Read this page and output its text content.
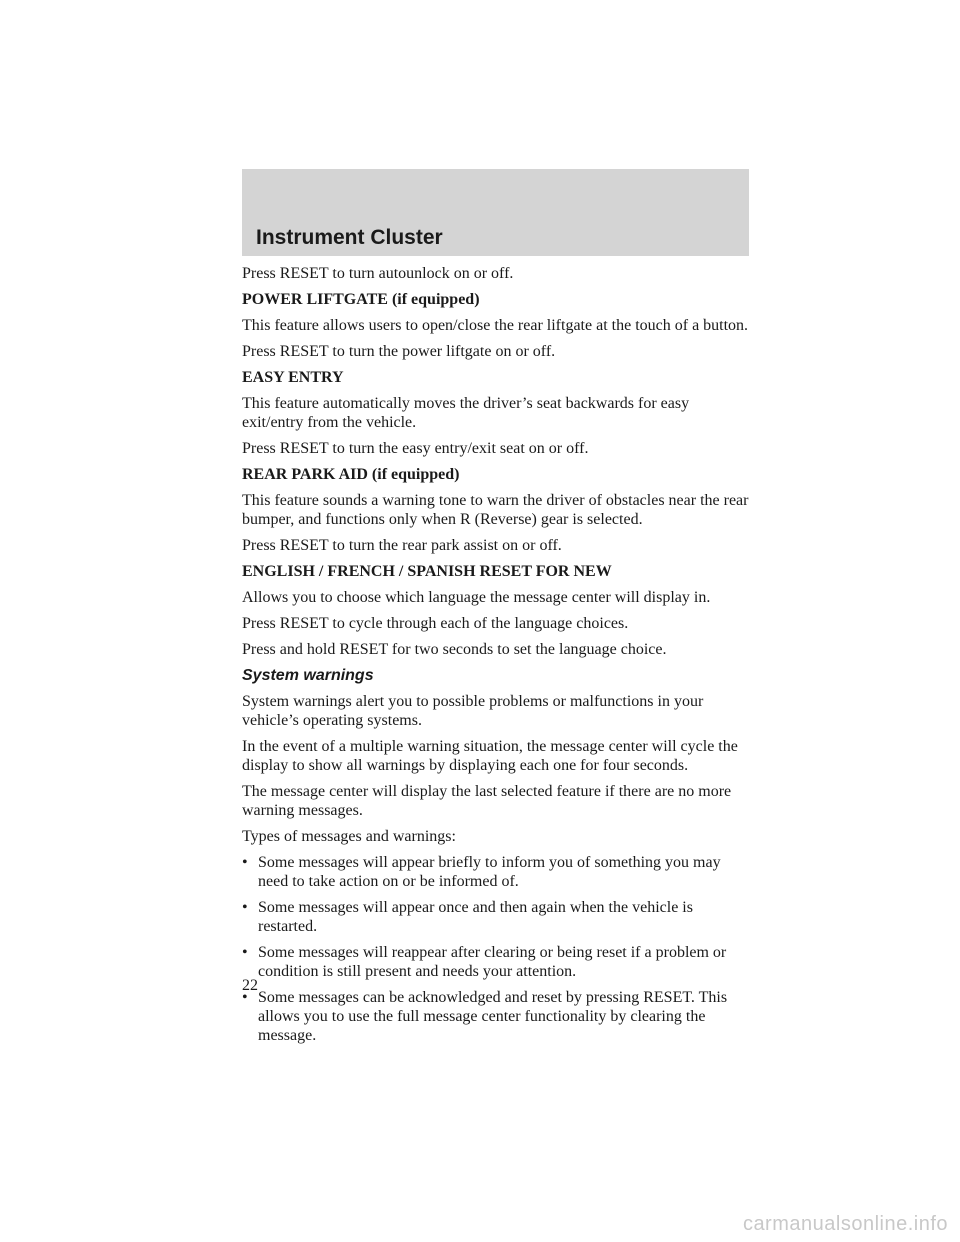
Instrument Cluster

Press RESET to turn autounlock on or off.

POWER LIFTGATE (if equipped)

This feature allows users to open/close the rear liftgate at the touch of a button.

Press RESET to turn the power liftgate on or off.

EASY ENTRY

This feature automatically moves the driver’s seat backwards for easy exit/entry from the vehicle.

Press RESET to turn the easy entry/exit seat on or off.

REAR PARK AID (if equipped)

This feature sounds a warning tone to warn the driver of obstacles near the rear bumper, and functions only when R (Reverse) gear is selected.

Press RESET to turn the rear park assist on or off.

ENGLISH / FRENCH / SPANISH RESET FOR NEW

Allows you to choose which language the message center will display in.

Press RESET to cycle through each of the language choices.

Press and hold RESET for two seconds to set the language choice.

System warnings

System warnings alert you to possible problems or malfunctions in your vehicle’s operating systems.

In the event of a multiple warning situation, the message center will cycle the display to show all warnings by displaying each one for four seconds.

The message center will display the last selected feature if there are no more warning messages.

Types of messages and warnings:

• Some messages will appear briefly to inform you of something you may need to take action on or be informed of.
• Some messages will appear once and then again when the vehicle is restarted.
• Some messages will reappear after clearing or being reset if a problem or condition is still present and needs your attention.
• Some messages can be acknowledged and reset by pressing RESET. This allows you to use the full message center functionality by clearing the message.
22
carmanualsonline.info
